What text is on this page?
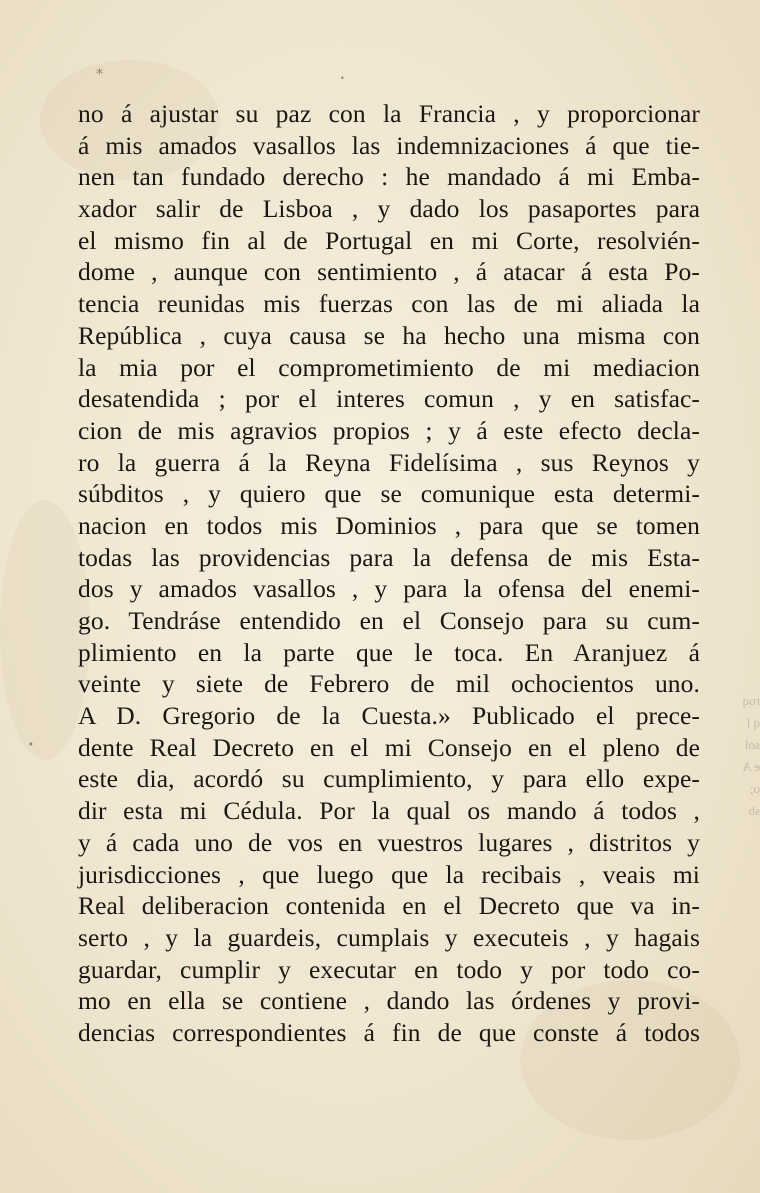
⁎
•
•
roq
q l
sol
e A
o;
sb
no á ajustar su paz con la Francia , y proporcionar
á mis amados vasallos las indemnizaciones á que tie-
nen tan fundado derecho : he mandado á mi Emba-
xador salir de Lisboa , y dado los pasaportes para
el mismo fin al de Portugal en mi Corte, resolvién-
dome , aunque con sentimiento , á atacar á esta Po-
tencia reunidas mis fuerzas con las de mi aliada la
República , cuya causa se ha hecho una misma con
la mia por el comprometimiento de mi mediacion
desatendida ; por el interes comun , y en satisfac-
cion de mis agravios propios ; y á este efecto decla-
ro la guerra á la Reyna Fidelísima , sus Reynos y
súbditos , y quiero que se comunique esta determi-
nacion en todos mis Dominios , para que se tomen
todas las providencias para la defensa de mis Esta-
dos y amados vasallos , y para la ofensa del enemi-
go. Tendráse entendido en el Consejo para su cum-
plimiento en la parte que le toca. En Aranjuez á
veinte y siete de Febrero de mil ochocientos uno.
A D. Gregorio de la Cuesta.» Publicado el prece-
dente Real Decreto en el mi Consejo en el pleno de
este dia, acordó su cumplimiento, y para ello expe-
dir esta mi Cédula. Por la qual os mando á todos ,
y á cada uno de vos en vuestros lugares , distritos y
jurisdicciones , que luego que la recibais , veais mi
Real deliberacion contenida en el Decreto que va in-
serto , y la guardeis, cumplais y executeis , y hagais
guardar, cumplir y executar en todo y por todo co-
mo en ella se contiene , dando las órdenes y provi-
dencias correspondientes á fin de que conste á todos
